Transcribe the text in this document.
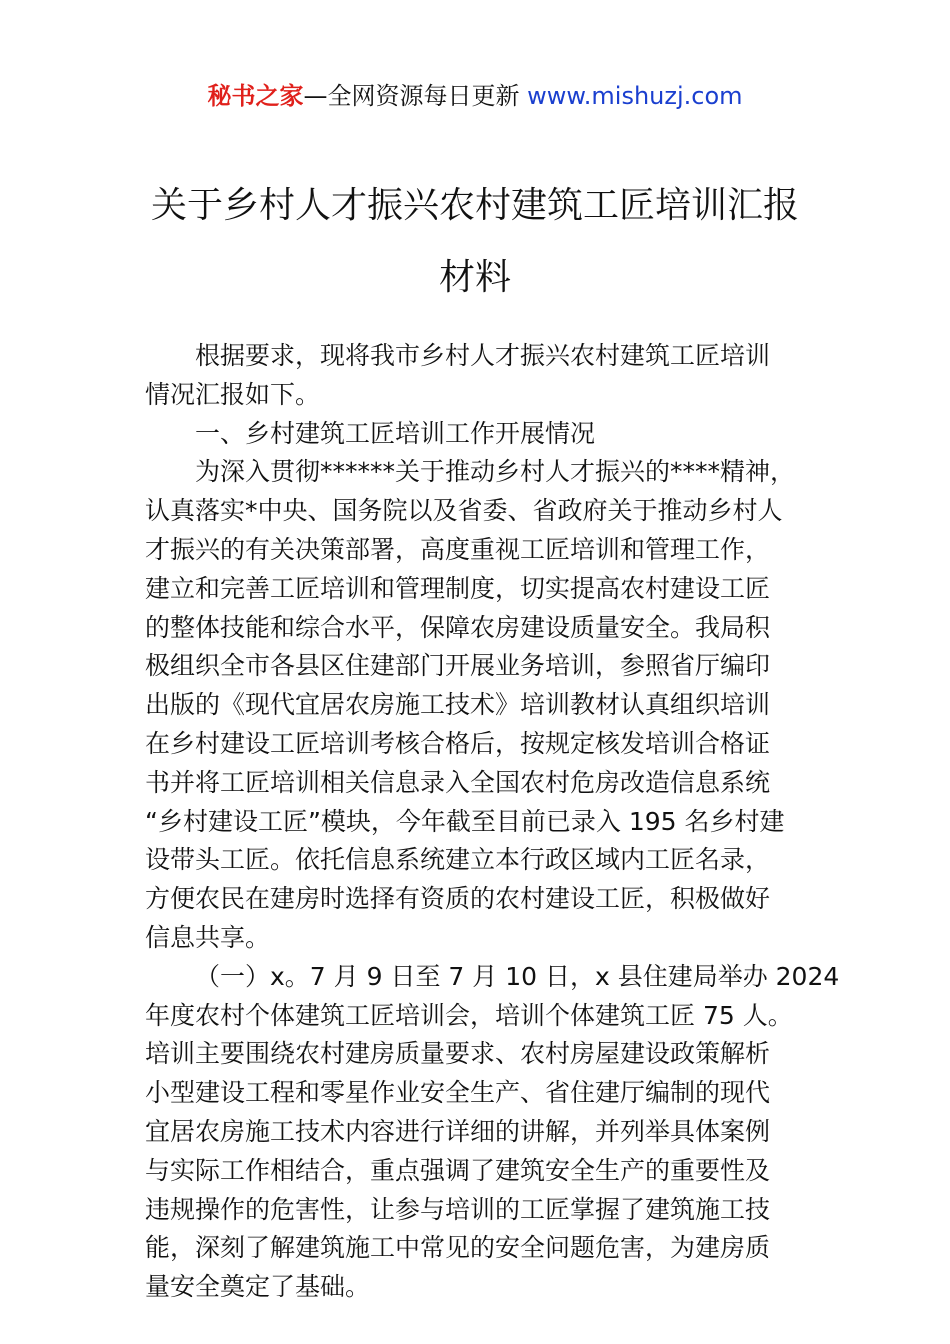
秘书之家—全网资源每日更新 www.mishuzj.com
关于乡村人才振兴农村建筑工匠培训汇报
材料
根据要求，现将我市乡村人才振兴农村建筑工匠培训
情况汇报如下。
一、乡村建筑工匠培训工作开展情况
为深入贯彻******关于推动乡村人才振兴的****精神，
认真落实*中央、国务院以及省委、省政府关于推动乡村人
才振兴的有关决策部署，高度重视工匠培训和管理工作，
建立和完善工匠培训和管理制度，切实提高农村建设工匠
的整体技能和综合水平，保障农房建设质量安全。我局积
极组织全市各县区住建部门开展业务培训，参照省厅编印
出版的《现代宜居农房施工技术》培训教材认真组织培训
在乡村建设工匠培训考核合格后，按规定核发培训合格证
书并将工匠培训相关信息录入全国农村危房改造信息系统
“乡村建设工匠”模块，今年截至目前已录入 195 名乡村建
设带头工匠。依托信息系统建立本行政区域内工匠名录，
方便农民在建房时选择有资质的农村建设工匠，积极做好
信息共享。
（一）x。7 月 9 日至 7 月 10 日，x 县住建局举办 2024
年度农村个体建筑工匠培训会，培训个体建筑工匠 75 人。
培训主要围绕农村建房质量要求、农村房屋建设政策解析
小型建设工程和零星作业安全生产、省住建厅编制的现代
宜居农房施工技术内容进行详细的讲解，并列举具体案例
与实际工作相结合，重点强调了建筑安全生产的重要性及
违规操作的危害性，让参与培训的工匠掌握了建筑施工技
能，深刻了解建筑施工中常见的安全问题危害，为建房质
量安全奠定了基础。
